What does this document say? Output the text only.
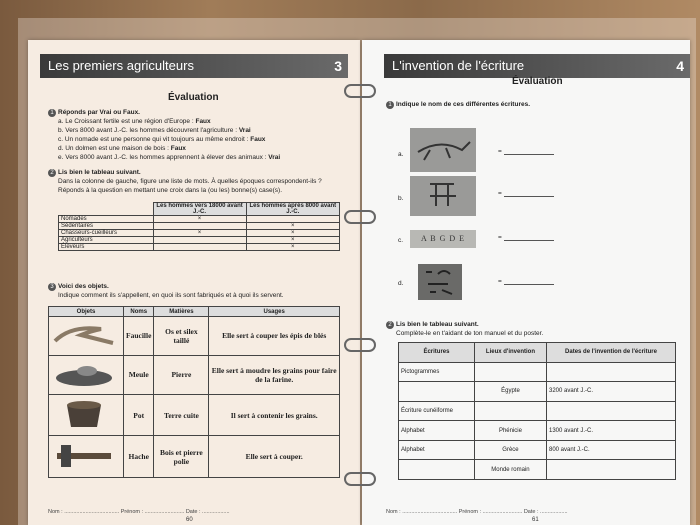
Les premiers agriculteurs	3
Évaluation
1 Réponds par Vrai ou Faux.
a. Le Croissant fertile est une région d'Europe : Faux
b. Vers 8000 avant J.-C. les hommes découvrent l'agriculture : Vrai
c. Un nomade est une personne qui vit toujours au même endroit : Faux
d. Un dolmen est une maison de bois : Faux
e. Vers 8000 avant J.-C. les hommes apprennent à élever des animaux : Vrai
2 Lis bien le tableau suivant.
Dans la colonne de gauche, figure une liste de mots. À quelles époques correspondent-ils ?
Réponds à la question en mettant une croix dans la (ou les) bonne(s) case(s).
	Les hommes vers 18000 avant J.-C.	Les hommes après 8000 avant J.-C.
Nomades	×	
Sédentaires		×
Chasseurs-cueilleurs	×	×
Agriculteurs		×
Éleveurs		×
3 Voici des objets.
Indique comment ils s'appellent, en quoi ils sont fabriqués et à quoi ils servent.
Objets	Noms	Matières	Usages
	Faucille	Os et silex taillé	Elle sert à couper les épis de blés
	Meule	Pierre	Elle sert à moudre les grains pour faire de la farine.
	Pot	Terre cuite	Il sert à contenir les grains.
	Hache	Bois et pierre polie	Elle sert à couper.
Nom : .................................... Prénom : .......................... Date : ..................
60
L'invention de l'écriture	4
Évaluation
1 Indique le nom de ces différentes écritures.
a.	=
b.
=
c.	A B G D E	=
d.	=
2 Lis bien le tableau suivant.
Complète-le en t'aidant de ton manuel et du poster.
Écritures	Lieux d'invention	Dates de l'invention de l'écriture
Pictogrammes		
	Égypte	3200 avant J.-C.
Écriture cunéiforme		
Alphabet	Phénicie	1300 avant J.-C.
Alphabet	Grèce	800 avant J.-C.
	Monde romain	
Nom : .................................... Prénom : .......................... Date : ..................
61
